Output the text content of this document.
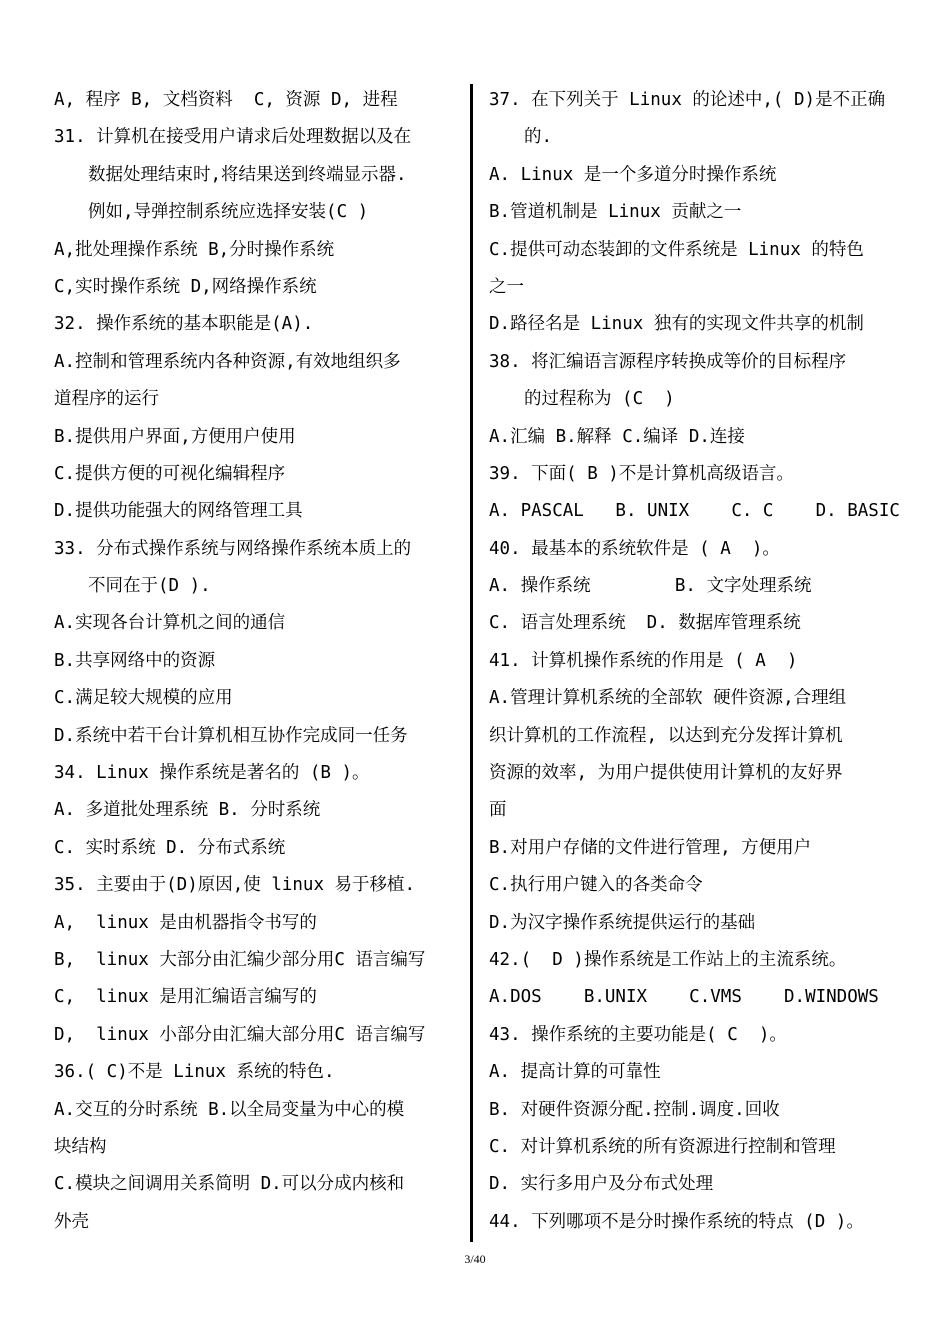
A, 程序 B, 文档资料  C, 资源 D, 进程
31. 计算机在接受用户请求后处理数据以及在
数据处理结束时,将结果送到终端显示器.
例如,导弹控制系统应选择安装(C )
A,批处理操作系统 B,分时操作系统
C,实时操作系统 D,网络操作系统
32. 操作系统的基本职能是(A).
A.控制和管理系统内各种资源,有效地组织多
道程序的运行
B.提供用户界面,方便用户使用
C.提供方便的可视化编辑程序
D.提供功能强大的网络管理工具
33. 分布式操作系统与网络操作系统本质上的
不同在于(D ).
A.实现各台计算机之间的通信
B.共享网络中的资源
C.满足较大规模的应用
D.系统中若干台计算机相互协作完成同一任务
34. Linux 操作系统是著名的 (B )。
A. 多道批处理系统 B. 分时系统
C. 实时系统 D. 分布式系统
35. 主要由于(D)原因,使 linux 易于移植.
A,  linux 是由机器指令书写的
B,  linux 大部分由汇编少部分用C 语言编写
C,  linux 是用汇编语言编写的
D,  linux 小部分由汇编大部分用C 语言编写
36.( C)不是 Linux 系统的特色.
A.交互的分时系统 B.以全局变量为中心的模
块结构
C.模块之间调用关系简明 D.可以分成内核和
外壳
37. 在下列关于 Linux 的论述中,( D)是不正确
的.
A. Linux 是一个多道分时操作系统
B.管道机制是 Linux 贡献之一
C.提供可动态装卸的文件系统是 Linux 的特色
之一
D.路径名是 Linux 独有的实现文件共享的机制
38. 将汇编语言源程序转换成等价的目标程序
的过程称为 (C  )
A.汇编 B.解释 C.编译 D.连接
39. 下面( B )不是计算机高级语言。
A. PASCAL   B. UNIX    C. C    D. BASIC
40. 最基本的系统软件是 ( A  )。
A. 操作系统        B. 文字处理系统
C. 语言处理系统  D. 数据库管理系统
41. 计算机操作系统的作用是 ( A  )
A.管理计算机系统的全部软 硬件资源,合理组
织计算机的工作流程, 以达到充分发挥计算机
资源的效率, 为用户提供使用计算机的友好界
面
B.对用户存储的文件进行管理, 方便用户
C.执行用户键入的各类命令
D.为汉字操作系统提供运行的基础
42.(  D )操作系统是工作站上的主流系统。
A.DOS    B.UNIX    C.VMS    D.WINDOWS
43. 操作系统的主要功能是( C  )。
A. 提高计算的可靠性
B. 对硬件资源分配.控制.调度.回收
C. 对计算机系统的所有资源进行控制和管理
D. 实行多用户及分布式处理
44. 下列哪项不是分时操作系统的特点 (D )。
3/40
